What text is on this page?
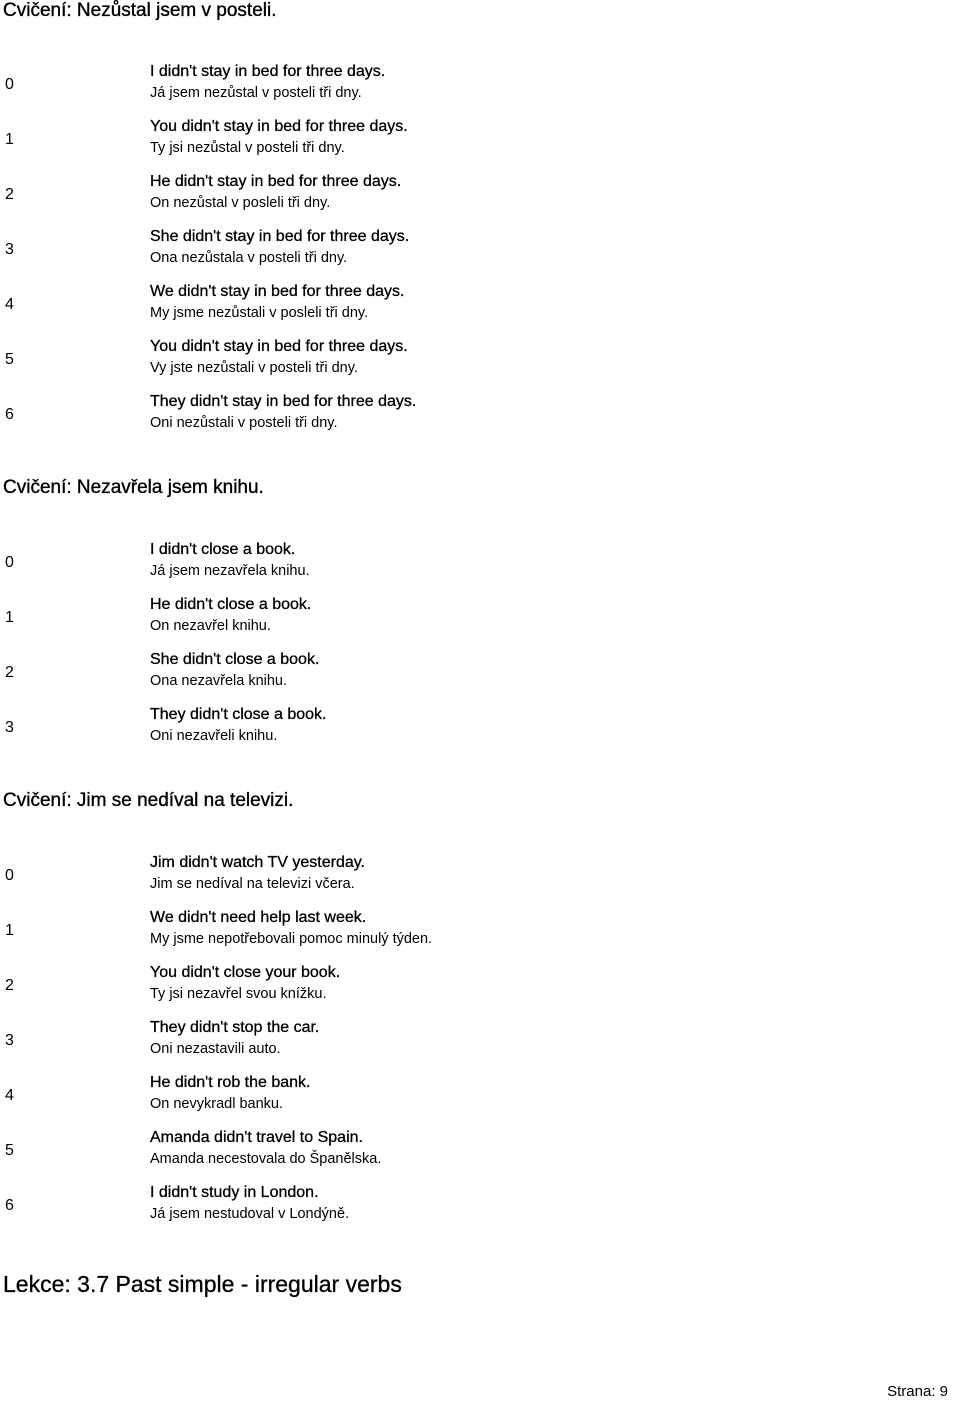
Cvičení: Nezůstal jsem v posteli.
0
I didn't stay in bed for three days.
Já jsem nezůstal v posteli tři dny.
1
You didn't stay in bed for three days.
Ty jsi nezůstal v posteli tři dny.
2
He didn't stay in bed for three days.
On nezůstal v posleli tři dny.
3
She didn't stay in bed for three days.
Ona nezůstala v posteli tři dny.
4
We didn't stay in bed for three days.
My jsme nezůstali v posleli tři dny.
5
You didn't stay in bed for three days.
Vy jste nezůstali v posteli tři dny.
6
They didn't stay in bed for three days.
Oni nezůstali v posteli tři dny.
Cvičení: Nezavřela jsem knihu.
0
I didn't close a book.
Já jsem nezavřela knihu.
1
He didn't close a book.
On nezavřel knihu.
2
She didn't close a book.
Ona nezavřela knihu.
3
They didn't close a book.
Oni nezavřeli knihu.
Cvičení: Jim se nedíval na televizi.
0
Jim didn't watch TV yesterday.
Jim se nedíval na televizi včera.
1
We didn't need help last week.
My jsme nepotřebovali pomoc minulý týden.
2
You didn't close your book.
Ty jsi nezavřel svou knížku.
3
They didn't stop the car.
Oni nezastavili auto.
4
He didn't rob the bank.
On nevykradl banku.
5
Amanda didn't travel to Spain.
Amanda necestovala do Španělska.
6
I didn't study in London.
Já jsem nestudoval v Londýně.
Lekce: 3.7 Past simple - irregular verbs
Strana: 9
